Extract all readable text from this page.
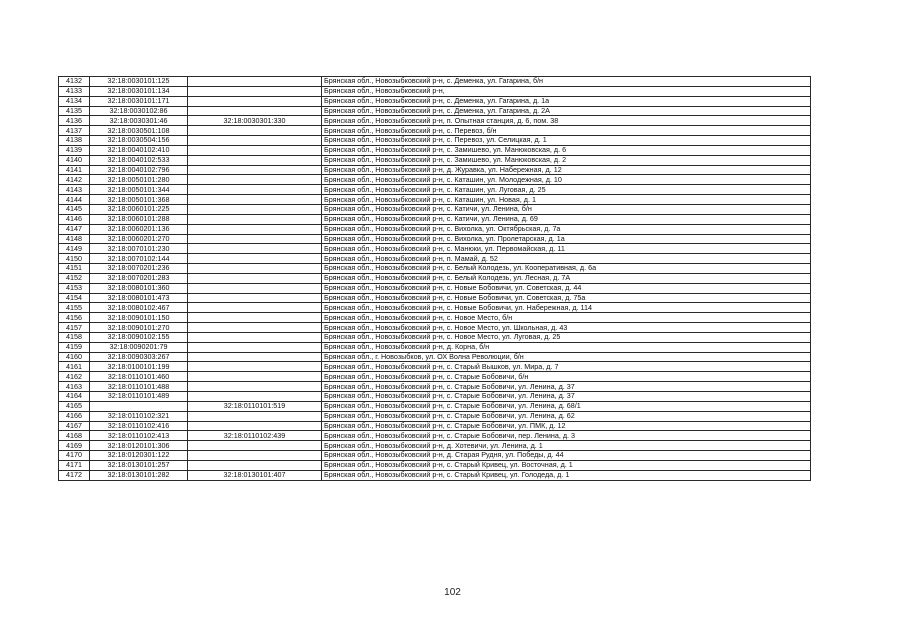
4132	32:18:0030101:125		Брянская обл., Новозыбковский р-н, с. Деменка, ул. Гагарина, б/н
4133	32:18:0030101:134		Брянская обл., Новозыбковский р-н,
4134	32:18:0030101:171		Брянская обл., Новозыбковский р-н, с. Деменка, ул. Гагарина, д. 1а
4135	32:18:0030102:86		Брянская обл., Новозыбковский р-н, с. Деменка, ул. Гагарина, д. 2А
4136	32:18:0030301:46	32:18:0030301:330	Брянская обл., Новозыбковский р-н, п. Опытная станция, д. 6, пом. 38
4137	32:18:0030501:108		Брянская обл., Новозыбковский р-н, с. Перевоз, б/н
4138	32:18:0030504:156		Брянская обл., Новозыбковский р-н, с. Перевоз, ул. Селицкая, д. 1
4139	32:18:0040102:410		Брянская обл., Новозыбковский р-н, с. Замишево, ул. Манюковская, д. 6
4140	32:18:0040102:533		Брянская обл., Новозыбковский р-н, с. Замишево, ул. Манюковская, д. 2
4141	32:18:0040102:796		Брянская обл., Новозыбковский р-н, д. Журавка, ул. Набережная, д. 12
4142	32:18:0050101:280		Брянская обл., Новозыбковский р-н, с. Каташин, ул. Молодежная, д. 10
4143	32:18:0050101:344		Брянская обл., Новозыбковский р-н, с. Каташин, ул. Луговая, д. 25
4144	32:18:0050101:368		Брянская обл., Новозыбковский р-н, с. Каташин, ул. Новая, д. 1
4145	32:18:0060101:225		Брянская обл., Новозыбковский р-н, с. Катичи, ул. Ленина, б/н
4146	32:18:0060101:288		Брянская обл., Новозыбковский р-н, с. Катичи, ул. Ленина, д. 69
4147	32:18:0060201:136		Брянская обл., Новозыбковский р-н, с. Вихолка, ул. Октябрьская, д. 7а
4148	32:18:0060201:270		Брянская обл., Новозыбковский р-н, с. Вихолка, ул. Пролетарская, д. 1а
4149	32:18:0070101:230		Брянская обл., Новозыбковский р-н, с. Манюки, ул. Первомайская, д. 11
4150	32:18:0070102:144		Брянская обл., Новозыбковский р-н, п. Мамай, д. 52
4151	32:18:0070201:236		Брянская обл., Новозыбковский р-н, с. Белый Колодезь, ул. Кооперативная, д. 6а
4152	32:18:0070201:283		Брянская обл., Новозыбковский р-н, с. Белый Колодезь, ул. Лесная, д. 7А
4153	32:18:0080101:360		Брянская обл., Новозыбковский р-н, с. Новые Бобовичи, ул. Советская, д. 44
4154	32:18:0080101:473		Брянская обл., Новозыбковский р-н, с. Новые Бобовичи, ул. Советская, д. 75а
4155	32:18:0080102:467		Брянская обл., Новозыбковский р-н, с. Новые Бобовичи, ул. Набережная, д. 114
4156	32:18:0090101:150		Брянская обл., Новозыбковский р-н, с. Новое Место, б/н
4157	32:18:0090101:270		Брянская обл., Новозыбковский р-н, с. Новое Место, ул. Школьная, д. 43
4158	32:18:0090102:155		Брянская обл., Новозыбковский р-н, с. Новое Место, ул. Луговая, д. 25
4159	32:18:0090201:79		Брянская обл., Новозыбковский р-н, д. Корна, б/н
4160	32:18:0090303:267		Брянская обл., г. Новозыбков, ул. ОХ Волна Революции, б/н
4161	32:18:0100101:199		Брянская обл., Новозыбковский р-н, с. Старый Вышков, ул. Мира, д. 7
4162	32:18:0110101:460		Брянская обл., Новозыбковский р-н, с. Старые Бобовичи, б/н
4163	32:18:0110101:488		Брянская обл., Новозыбковский р-н, с. Старые Бобовичи, ул. Ленина, д. 37
4164	32:18:0110101:489		Брянская обл., Новозыбковский р-н, с. Старые Бобовичи, ул. Ленина, д. 37
4165		32:18:0110101:519	Брянская обл., Новозыбковский р-н, с. Старые Бобовичи, ул. Ленина, д. 68/1
4166	32:18:0110102:321		Брянская обл., Новозыбковский р-н, с. Старые Бобовичи, ул. Ленина, д. 62
4167	32:18:0110102:416		Брянская обл., Новозыбковский р-н, с. Старые Бобовичи, ул. ПМК, д. 12
4168	32:18:0110102:413	32:18:0110102:439	Брянская обл., Новозыбковский р-н, с. Старые Бобовичи, пер. Ленина, д. 3
4169	32:18:0120101:306		Брянская обл., Новозыбковский р-н, д. Хотевичи, ул. Ленина, д. 1
4170	32:18:0120301:122		Брянская обл., Новозыбковский р-н, д. Старая Рудня, ул. Победы, д. 44
4171	32:18:0130101:257		Брянская обл., Новозыбковский р-н, с. Старый Кривец, ул. Восточная, д. 1
4172	32:18:0130101:282	32:18:0130101:407	Брянская обл., Новозыбковский р-н, с. Старый Кривец, ул. Голодеда, д. 1
102
